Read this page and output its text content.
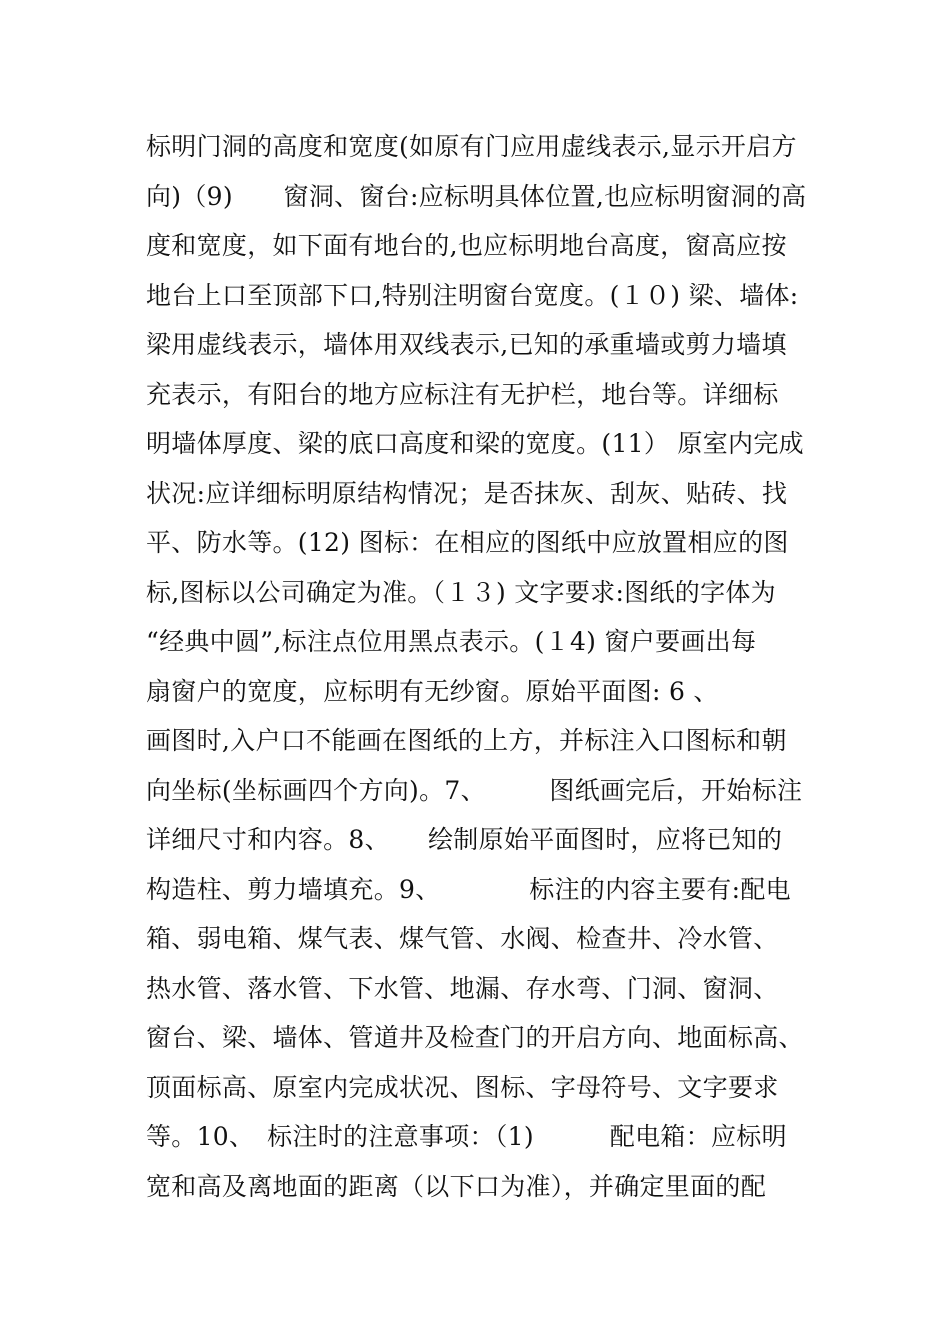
标明门洞的高度和宽度(如原有门应用虚线表示,显示开启方
向)（9)　　窗洞、窗台:应标明具体位置,也应标明窗洞的高
度和宽度，如下面有地台的,也应标明地台高度，窗高应按
地台上口至顶部下口,特别注明窗台宽度。(１０) 梁、墙体:
梁用虚线表示，墙体用双线表示,已知的承重墙或剪力墙填
充表示，有阳台的地方应标注有无护栏，地台等。详细标
明墙体厚度、梁的底口高度和梁的宽度。(11） 原室内完成
状况:应详细标明原结构情况；是否抹灰、刮灰、贴砖、找
平、防水等。(12) 图标：在相应的图纸中应放置相应的图
标,图标以公司确定为准。（１３) 文字要求:图纸的字体为
“经典中圆”,标注点位用黑点表示。(１4) 窗户要画出每
扇窗户的宽度，应标明有无纱窗。原始平面图: 6 、
画图时,入户口不能画在图纸的上方，并标注入口图标和朝
向坐标(坐标画四个方向)。7、　　　图纸画完后，开始标注
详细尺寸和内容。8、　　绘制原始平面图时，应将已知的
构造柱、剪力墙填充。9、　　　　标注的内容主要有:配电
箱、弱电箱、煤气表、煤气管、水阀、检查井、冷水管、
热水管、落水管、下水管、地漏、存水弯、门洞、窗洞、
窗台、梁、墙体、管道井及检查门的开启方向、地面标高、
顶面标高、原室内完成状况、图标、字母符号、文字要求
等。10、　标注时的注意事项：（1)　　　配电箱：应标明
宽和高及离地面的距离（以下口为准），并确定里面的配
